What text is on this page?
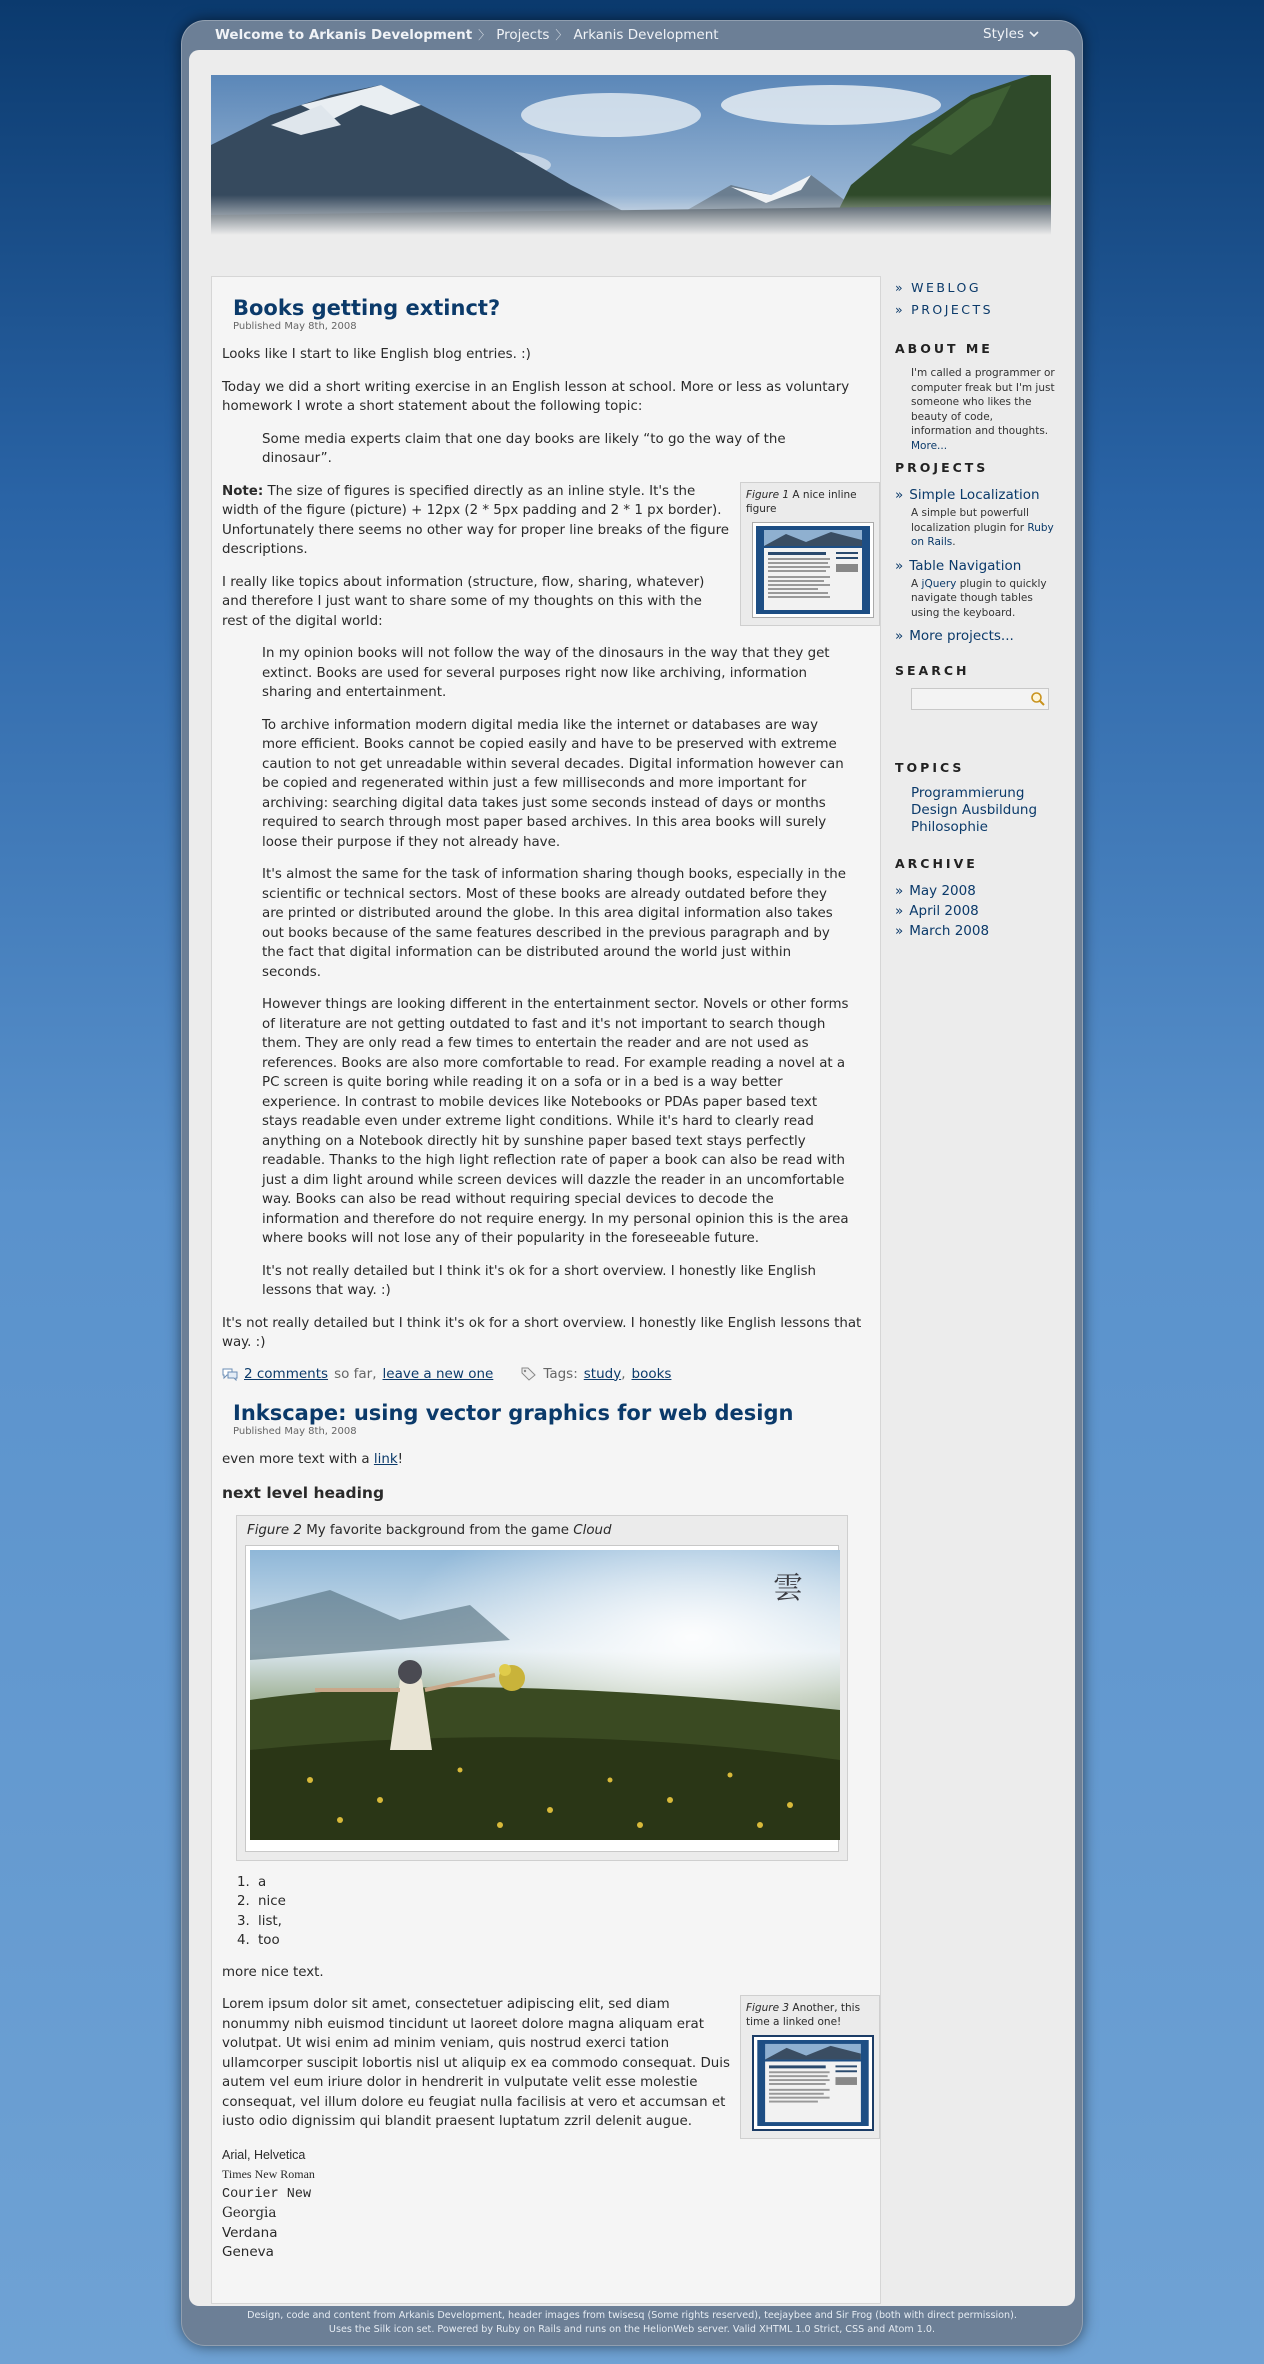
Welcome to Arkanis Development 〉 Projects 〉 Arkanis Development	Styles
Books getting extinct?
Published May 8th, 2008

Looks like I start to like English blog entries. :)

Today we did a short writing exercise in an English lesson at school. More or less as voluntary homework I wrote a short statement about the following topic:

Some media experts claim that one day books are likely “to go the way of the dinosaur”.

Figure 1 A nice inline figure

Note: The size of figures is specified directly as an inline style. It's the width of the figure (picture) + 12px (2 * 5px padding and 2 * 1 px border). Unfortunately there seems no other way for proper line breaks of the figure descriptions.

I really like topics about information (structure, flow, sharing, whatever) and therefore I just want to share some of my thoughts on this with the rest of the digital world:

In my opinion books will not follow the way of the dinosaurs in the way that they get extinct. Books are used for several purposes right now like archiving, information sharing and entertainment.

To archive information modern digital media like the internet or databases are way more efficient. Books cannot be copied easily and have to be preserved with extreme caution to not get unreadable within several decades. Digital information however can be copied and regenerated within just a few milliseconds and more important for archiving: searching digital data takes just some seconds instead of days or months required to search through most paper based archives. In this area books will surely loose their purpose if they not already have.

It's almost the same for the task of information sharing though books, especially in the scientific or technical sectors. Most of these books are already outdated before they are printed or distributed around the globe. In this area digital information also takes out books because of the same features described in the previous paragraph and by the fact that digital information can be distributed around the world just within seconds.

However things are looking different in the entertainment sector. Novels or other forms of literature are not getting outdated to fast and it's not important to search though them. They are only read a few times to entertain the reader and are not used as references. Books are also more comfortable to read. For example reading a novel at a PC screen is quite boring while reading it on a sofa or in a bed is a way better experience. In contrast to mobile devices like Notebooks or PDAs paper based text stays readable even under extreme light conditions. While it's hard to clearly read anything on a Notebook directly hit by sunshine paper based text stays perfectly readable. Thanks to the high light reflection rate of paper a book can also be read with just a dim light around while screen devices will dazzle the reader in an uncomfortable way. Books can also be read without requiring special devices to decode the information and therefore do not require energy. In my personal opinion this is the area where books will not lose any of their popularity in the foreseeable future.

It's not really detailed but I think it's ok for a short overview. I honestly like English lessons that way. :)

It's not really detailed but I think it's ok for a short overview. I honestly like English lessons that way. :)

2 comments so far, leave a new one	Tags: study , books
Inkscape: using vector graphics for web design
Published May 8th, 2008

even more text with a link!

next level heading
Figure 2 My favorite background from the game Cloud
雲
1. a
2. nice
3. list,
4. too

more nice text.

Figure 3 Another, this time a linked one!

Lorem ipsum dolor sit amet, consectetuer adipiscing elit, sed diam nonummy nibh euismod tincidunt ut laoreet dolore magna aliquam erat volutpat. Ut wisi enim ad minim veniam, quis nostrud exerci tation ullamcorper suscipit lobortis nisl ut aliquip ex ea commodo consequat. Duis autem vel eum iriure dolor in hendrerit in vulputate velit esse molestie consequat, vel illum dolore eu feugiat nulla facilisis at vero et accumsan et iusto odio dignissim qui blandit praesent luptatum zzril delenit augue.

Arial, Helvetica
Times New Roman
Courier New
Georgia
Verdana
Geneva
» WEBLOG
» PROJECTS
ABOUT ME
I'm called a programmer or computer freak but I'm just someone who likes the beauty of code, information and thoughts. More...
PROJECTS
» Simple Localization
A simple but powerfull localization plugin for Ruby on Rails.
» Table Navigation
A jQuery plugin to quickly navigate though tables using the keyboard.
» More projects...
SEARCH
TOPICS
Programmierung
Design Ausbildung
Philosophie
ARCHIVE
» May 2008
» April 2008
» March 2008
Design, code and content from Arkanis Development, header images from twisesq (Some rights reserved), teejaybee and Sir Frog (both with direct permission).
Uses the Silk icon set. Powered by Ruby on Rails and runs on the HelionWeb server. Valid XHTML 1.0 Strict, CSS and Atom 1.0.
